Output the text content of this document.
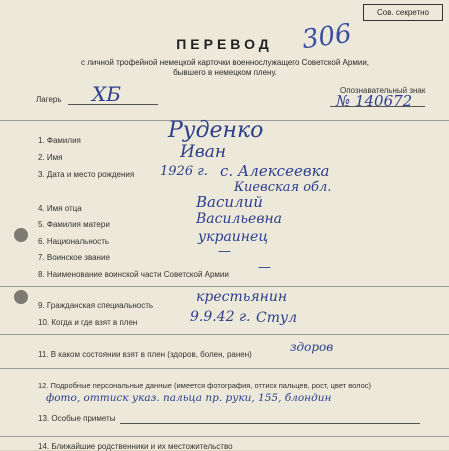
Сов. секретно
306
ПЕРЕВОД
с личной трофейной немецкой карточки военнослужащего Советской Армии,
бывшего в немецком плену.
Лагерь ХБ	Опознавательный знак
№ 140672
1. Фамилия	Руденко
2. Имя	Иван
3. Дата и место рождения 1926 г. с. Алексеевка
Киевская обл.
4. Имя отца	Василий
5. Фамилия матери	Васильевна
6. Национальность	украинец
7. Воинское звание	—
8. Наименование воинской части Советской Армии —
9. Гражданская специальность
крестьянин
10. Когда и где взят в плен	9.9.42 г. Стул
11. В каком состоянии взят в плен (здоров, болен, ранен)
здоров
12. Подробные персональные данные (имеется фотография, оттиск пальцев, рост, цвет волос)
фото, оттиск указ. пальца пр. руки, 155, блондин
13. Особые приметы
14. Ближайшие родственники и их местожительство
